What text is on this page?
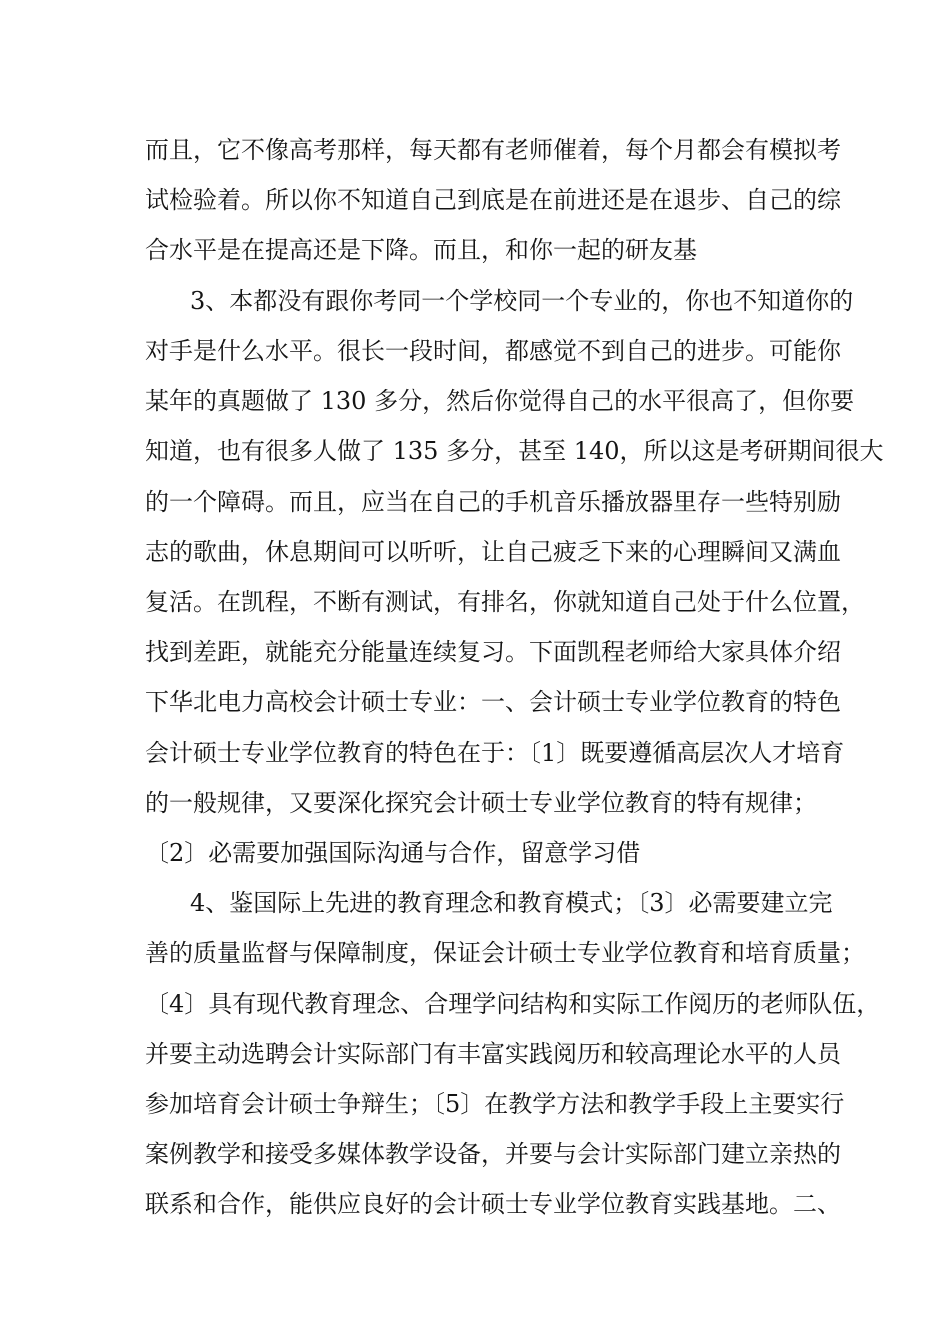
而且，它不像高考那样，每天都有老师催着，每个月都会有模拟考
试检验着。所以你不知道自己到底是在前进还是在退步、自己的综
合水平是在提高还是下降。而且，和你一起的研友基
3、本都没有跟你考同一个学校同一个专业的，你也不知道你的
对手是什么水平。很长一段时间，都感觉不到自己的进步。可能你
某年的真题做了 130 多分，然后你觉得自己的水平很高了，但你要
知道，也有很多人做了 135 多分，甚至 140，所以这是考研期间很大
的一个障碍。而且，应当在自己的手机音乐播放器里存一些特别励
志的歌曲，休息期间可以听听，让自己疲乏下来的心理瞬间又满血
复活。在凯程，不断有测试，有排名，你就知道自己处于什么位置，
找到差距，就能充分能量连续复习。下面凯程老师给大家具体介绍
下华北电力高校会计硕士专业：一、会计硕士专业学位教育的特色
会计硕士专业学位教育的特色在于：〔1〕既要遵循高层次人才培育
的一般规律，又要深化探究会计硕士专业学位教育的特有规律；
〔2〕必需要加强国际沟通与合作，留意学习借
4、鉴国际上先进的教育理念和教育模式；〔3〕必需要建立完
善的质量监督与保障制度，保证会计硕士专业学位教育和培育质量；
〔4〕具有现代教育理念、合理学问结构和实际工作阅历的老师队伍，
并要主动选聘会计实际部门有丰富实践阅历和较高理论水平的人员
参加培育会计硕士争辩生；〔5〕在教学方法和教学手段上主要实行
案例教学和接受多媒体教学设备，并要与会计实际部门建立亲热的
联系和合作，能供应良好的会计硕士专业学位教育实践基地。二、
